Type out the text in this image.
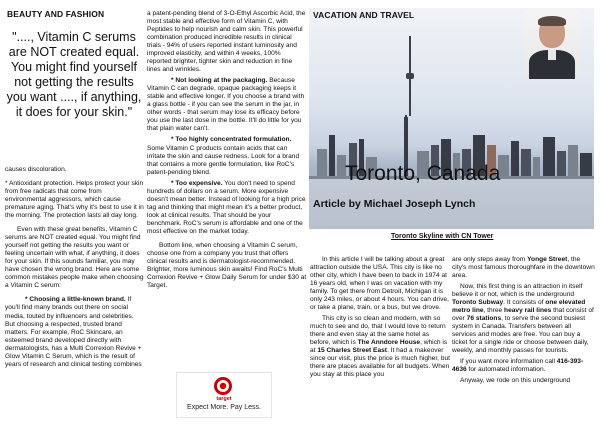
BEAUTY AND FASHION
"...., Vitamin C serums are NOT created equal. You might find yourself not getting the results you want ...., if anything, it does for your skin."

causes discoloration.

* Antioxidant protection. Helps protect your skin from free radicals that come from environmental aggressors, which cause premature aging. That's why it's best to use it in the morning. The protection lasts all day long.

Even with these great benefits, Vitamin C serums are NOT created equal. You might find yourself not getting the results you want or feeling uncertain with what, if anything, it does for your skin. If this sounds familiar, you may have chosen the wrong brand. Here are some common mistakes people make when choosing a Vitamin C serum:

* Choosing a little-known brand. If you'll find many brands out there on social media, touted by influencers and celebrities. But choosing a respected, trusted brand matters. For example, RoC Skincare, an esteemed brand developed directly with dermatologists, has a Multi Correxion Revive + Glow Vitamin C Serum, which is the result of years of research and clinical testing combines

a patent-pending blend of 3-O-Ethyl Ascorbic Acid, the most stable and effective form of Vitamin C, with Peptides to help nourish and calm skin. This powerful combination produced incredible results in clinical trials - 94% of users reported instant luminosity and improved elasticity, and within 4 weeks, 100% reported brighter, tighter skin and reduction in fine lines and wrinkles.

* Not looking at the packaging. Because Vitamin C can degrade, opaque packaging keeps it stable and effective longer. If you choose a brand with a glass bottle - if you can see the serum in the jar, in other words - that serum may lose its efficacy before you use the last dose in the bottle. It'll do little for you that plain water can't.

* Too highly concentrated formulation. Some Vitamin C products contain acids that can irritate the skin and cause redness. Look for a brand that contains a more gentle formulation, like RoC's patent-pending blend.

* Too expensive. You don't need to spend hundreds of dollars on a serum. More expensive doesn't mean better. Instead of looking for a high price tag and thinking that might mean it's a better product, look at clinical results. That should be your benchmark. RoC's serum is affordable and one of the most effective on the market today.

Bottom line, when choosing a Vitamin C serum, choose one from a company you trust that offers clinical results and is dermatologist-recommended. Brighter, more luminous skin awaits! Find RoC's Multi Correxion Revive + Glow Daily Serum for under $30 at Target.

target
Expect More. Pay Less.
VACATION AND TRAVEL
Toronto, Canada
Article by Michael Joseph Lynch
Toronto Skyline with CN Tower

In this article I will be talking about a great attraction outside the USA. This city is like no other city, which I have been to back in 1974 at 16 years old, when I was on vacation with my family. To get there from Detroit, Michigan it is only 243 miles, or about 4 hours. You can drive, or take a plane, train, or a bus, but we drove.

This city is so clean and modern, with so much to see and do, that I would love to return there and even stay at the same hotel as before, which is The Anndore House, which is at 15 Charles Street East. It had a makeover since our visit, plus the price is much higher, but there are places available for all budgets. When you stay at this place you

are only steps away from Yonge Street, the city's most famous thoroughfare in the downtown area.

Now, this first thing is an attraction in itself believe it or not, which is the underground Toronto Subway. It consists of one elevated metro line, three heavy rail lines that consist of over 76 stations, to serve the second busiest system in Canada. Transfers between all services and modes are free. You can buy a ticket for a single ride or choose between daily, weekly, and monthly passes for tourists.

If you want more information call 416-393-4636 for automated information.

Anyway, we rode on this underground
